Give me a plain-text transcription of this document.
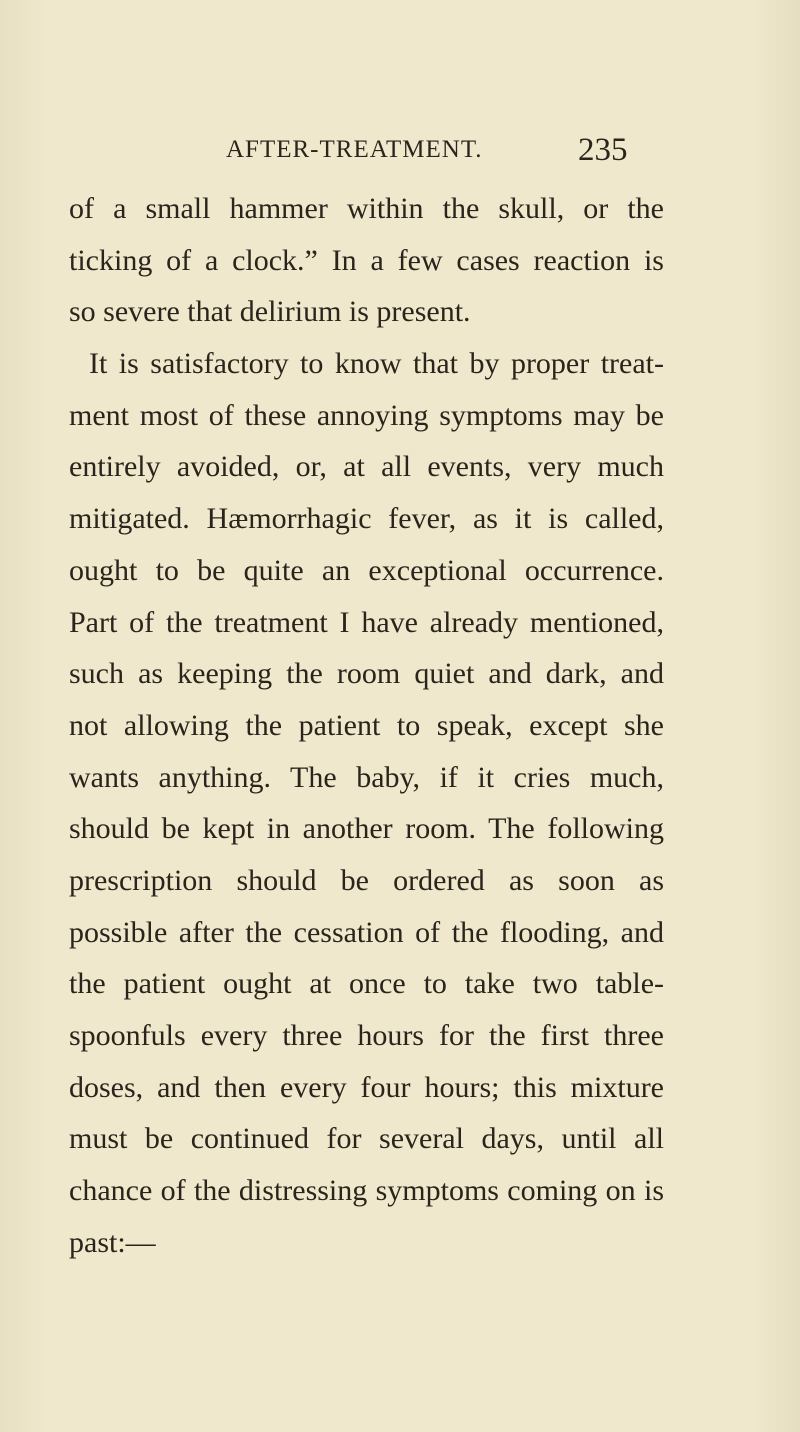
AFTER-TREATMENT.	235
of a small hammer within the skull, or the
ticking of a clock.” In a few cases reaction is
so severe that delirium is present.
It is satisfactory to know that by proper treat-
ment most of these annoying symptoms may be
entirely avoided, or, at all events, very much
mitigated. Hæmorrhagic fever, as it is called,
ought to be quite an exceptional occurrence.
Part of the treatment I have already mentioned,
such as keeping the room quiet and dark, and
not allowing the patient to speak, except she
wants anything. The baby, if it cries much,
should be kept in another room. The following
prescription should be ordered as soon as
possible after the cessation of the flooding, and
the patient ought at once to take two table-
spoonfuls every three hours for the first three
doses, and then every four hours; this mixture
must be continued for several days, until all
chance of the distressing symptoms coming on is
past:—
